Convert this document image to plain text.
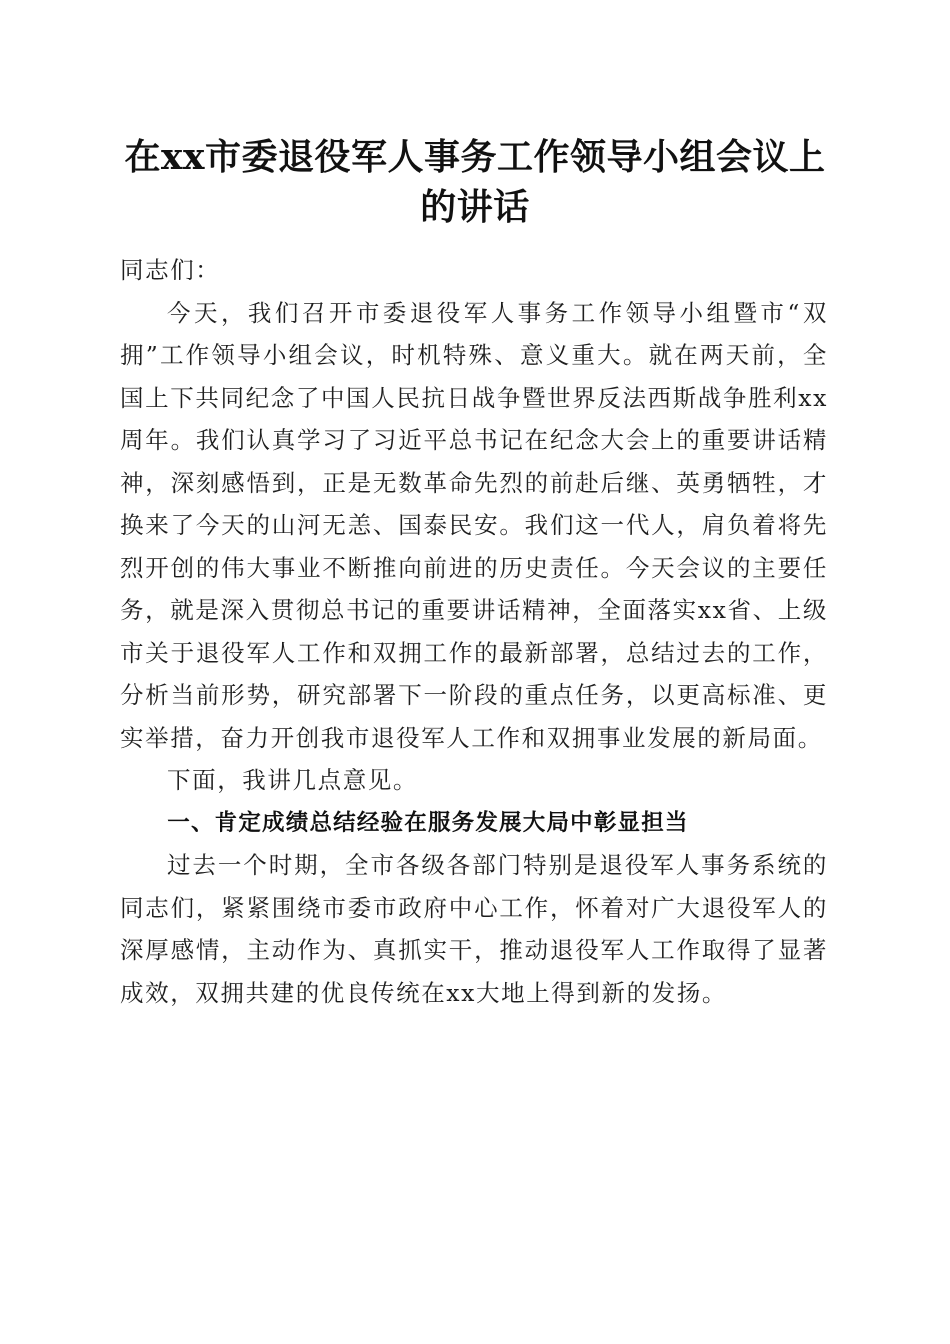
在xx市委退役军人事务工作领导小组会议上
的讲话

同志们：

今天，我们召开市委退役军人事务工作领导小组暨市“双拥”工作领导小组会议，时机特殊、意义重大。就在两天前，全国上下共同纪念了中国人民抗日战争暨世界反法西斯战争胜利xx周年。我们认真学习了习近平总书记在纪念大会上的重要讲话精神，深刻感悟到，正是无数革命先烈的前赴后继、英勇牺牲，才换来了今天的山河无恙、国泰民安。我们这一代人，肩负着将先烈开创的伟大事业不断推向前进的历史责任。今天会议的主要任务，就是深入贯彻总书记的重要讲话精神，全面落实xx省、上级市关于退役军人工作和双拥工作的最新部署，总结过去的工作，分析当前形势，研究部署下一阶段的重点任务，以更高标准、更实举措，奋力开创我市退役军人工作和双拥事业发展的新局面。

下面，我讲几点意见。

一、肯定成绩总结经验在服务发展大局中彰显担当

过去一个时期，全市各级各部门特别是退役军人事务系统的同志们，紧紧围绕市委市政府中心工作，怀着对广大退役军人的深厚感情，主动作为、真抓实干，推动退役军人工作取得了显著成效，双拥共建的优良传统在xx大地上得到新的发扬。
